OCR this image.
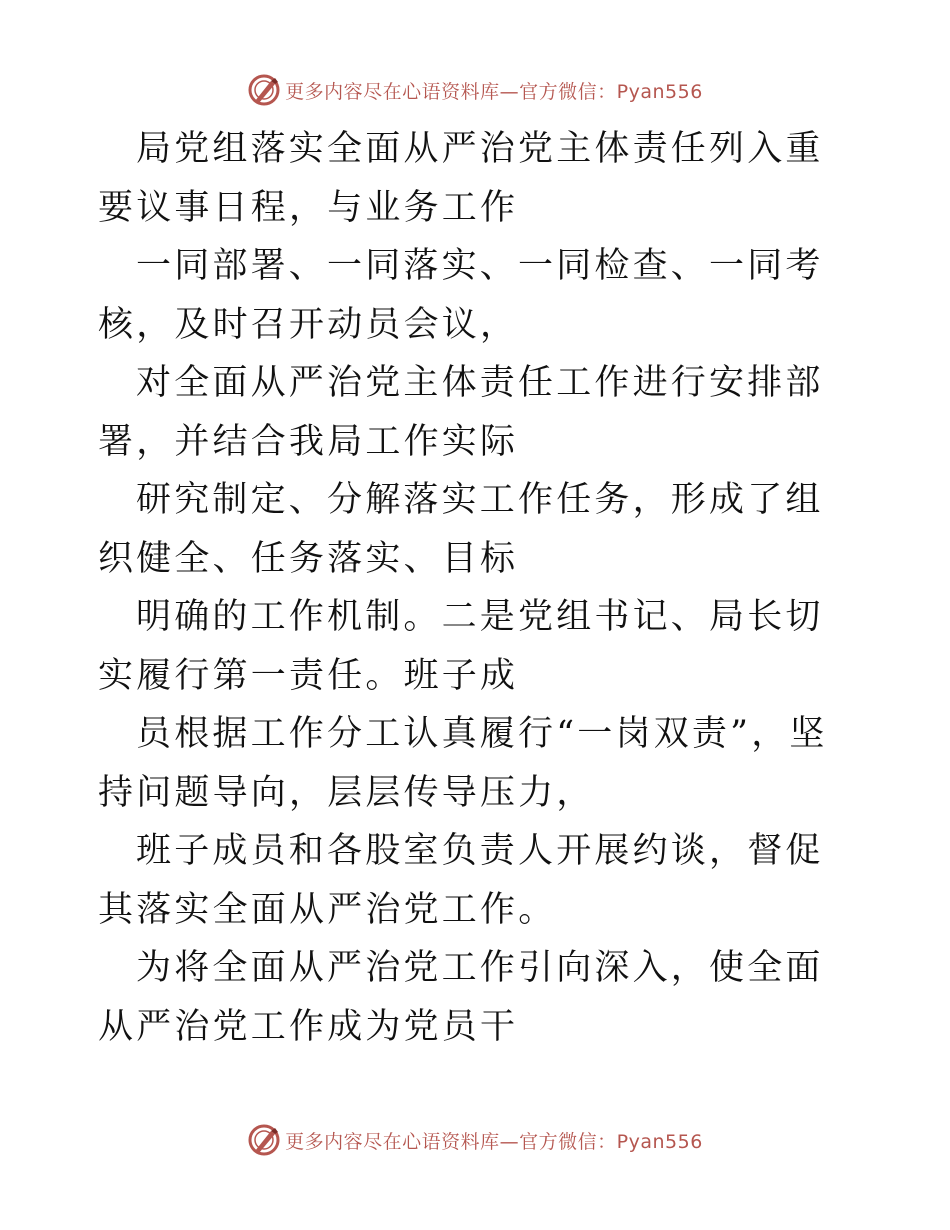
更多内容尽在心语资料库—官方微信：Pyan556

局党组落实全面从严治党主体责任列入重要议事日程，与业务工作

一同部署、一同落实、一同检查、一同考核，及时召开动员会议，

对全面从严治党主体责任工作进行安排部署，并结合我局工作实际

研究制定、分解落实工作任务，形成了组织健全、任务落实、目标

明确的工作机制。二是党组书记、局长切实履行第一责任。班子成

员根据工作分工认真履行“一岗双责”，坚持问题导向，层层传导压力，

班子成员和各股室负责人开展约谈，督促其落实全面从严治党工作。

为将全面从严治党工作引向深入，使全面从严治党工作成为党员干

更多内容尽在心语资料库—官方微信：Pyan556
